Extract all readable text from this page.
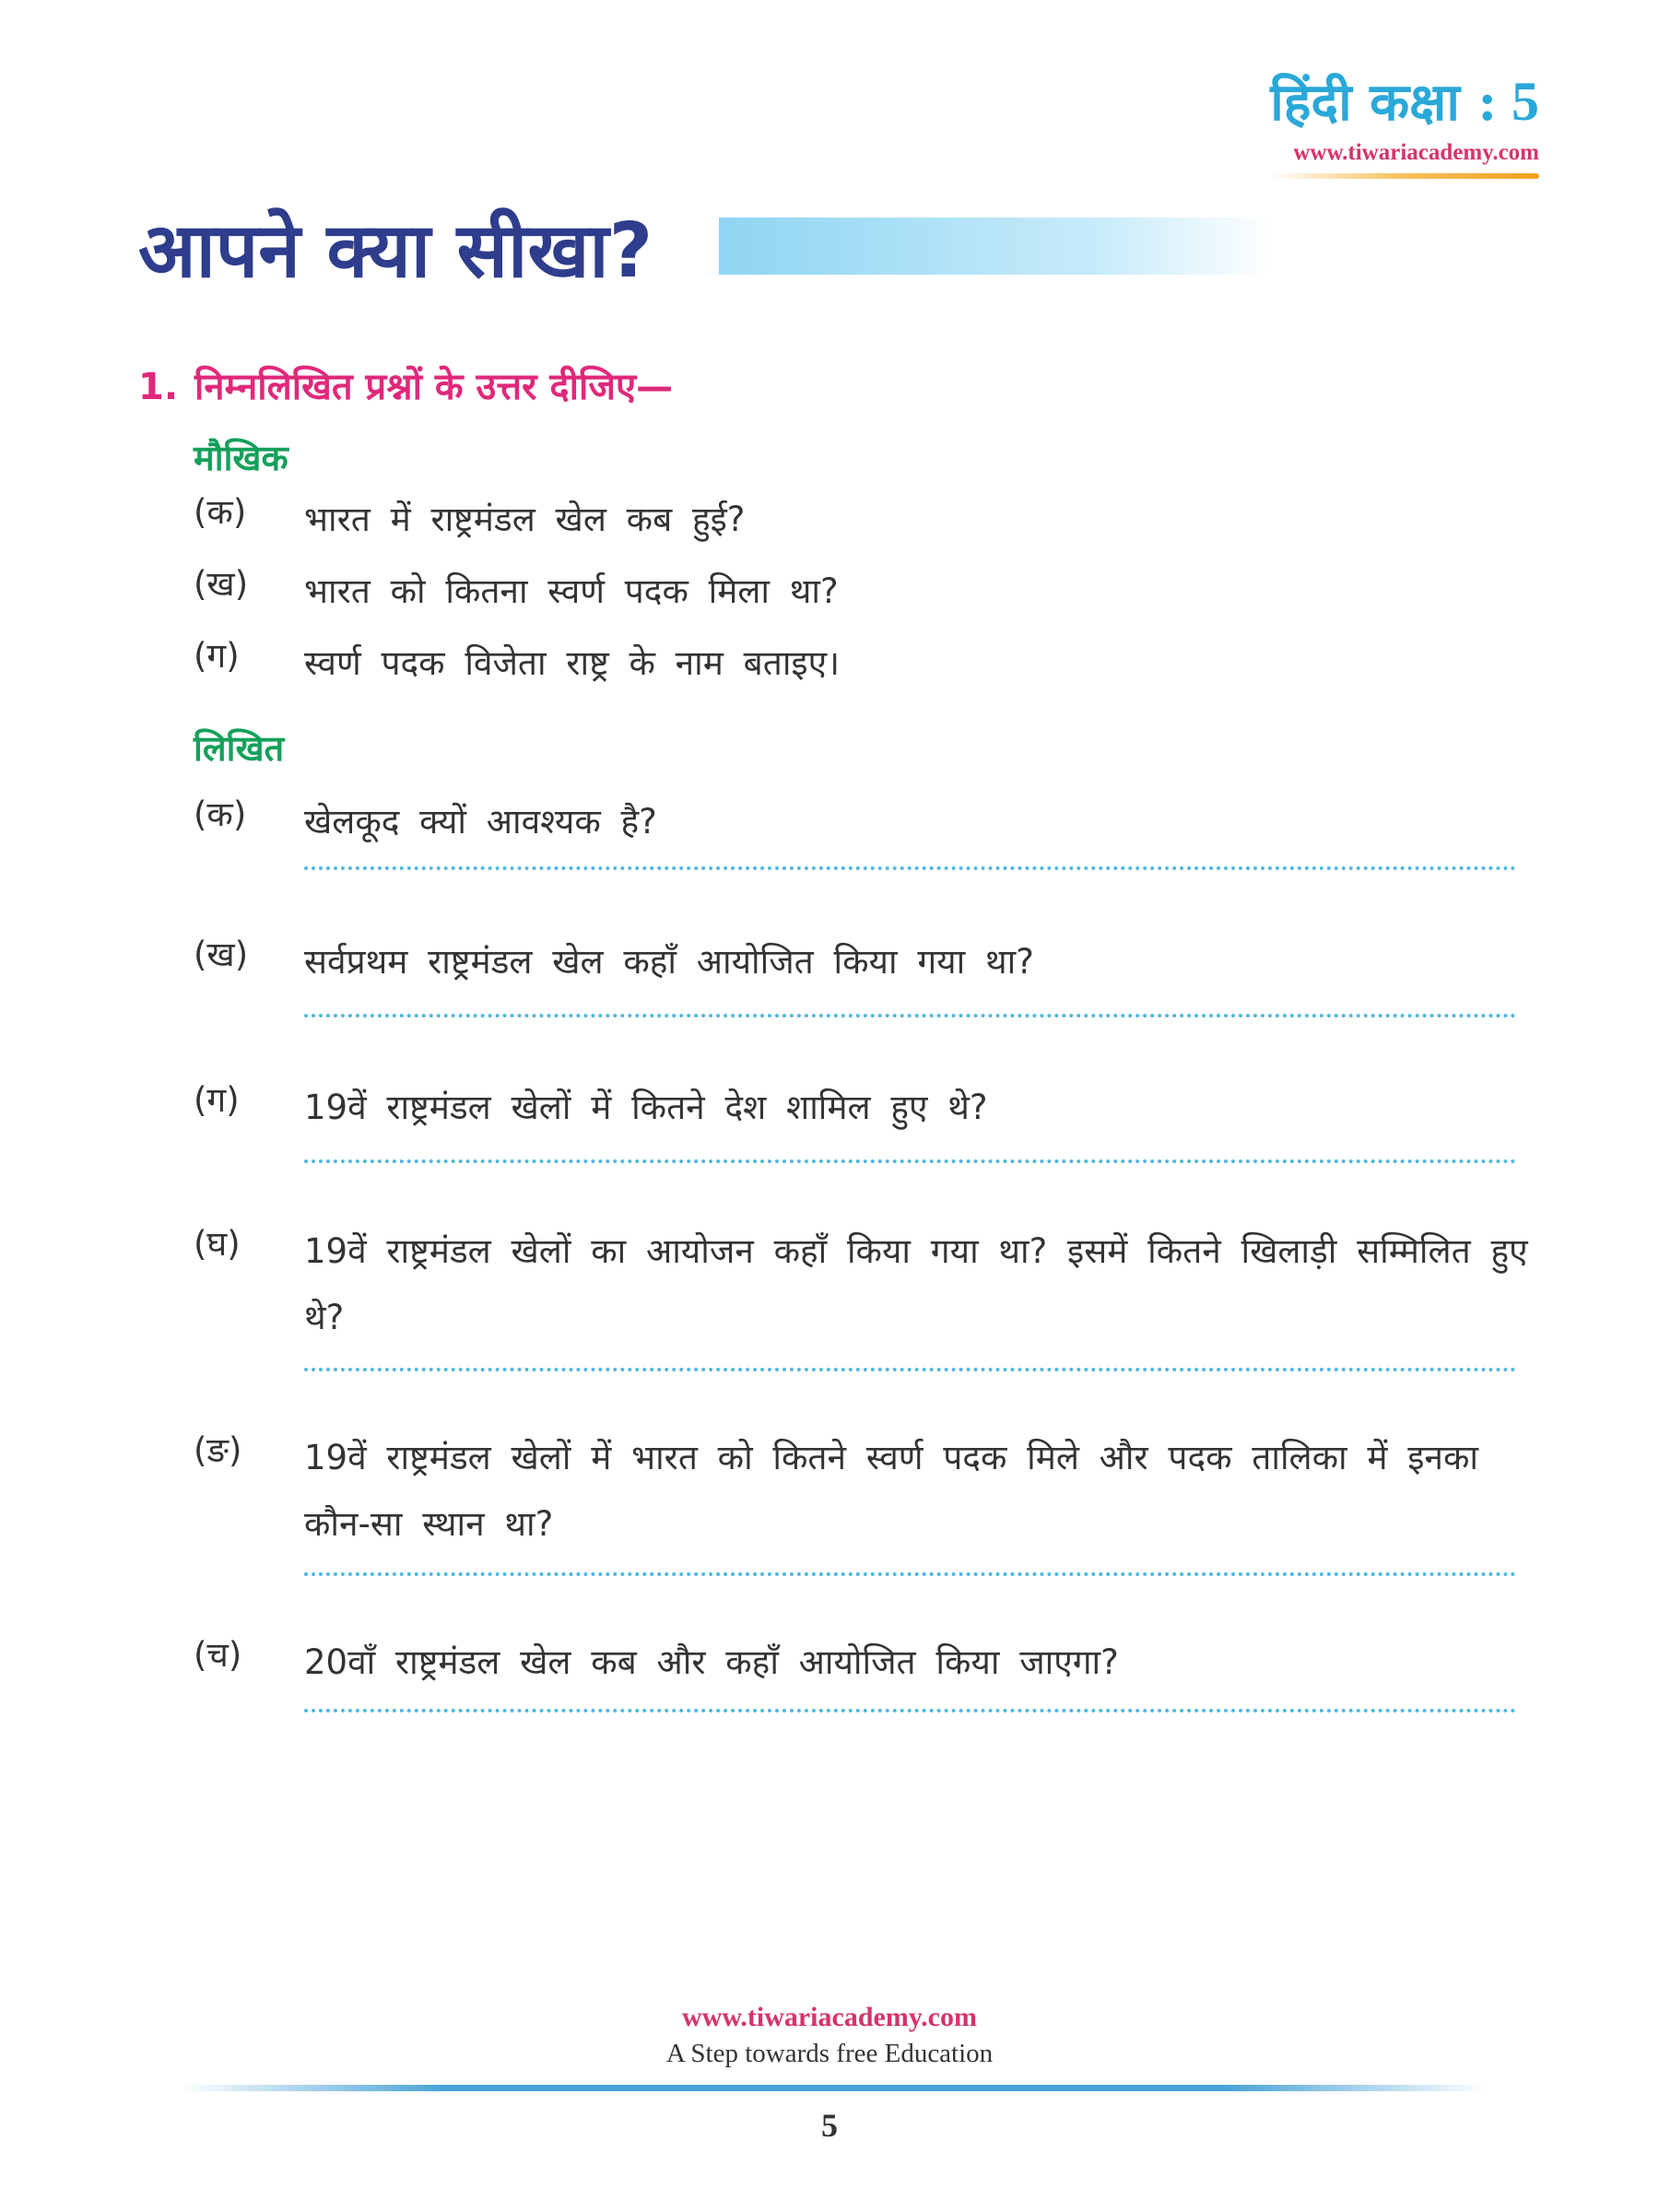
हिंदी कक्षा : 5
www.tiwariacademy.com
आपने क्या सीखा?

1. निम्नलिखित प्रश्नों के उत्तर दीजिए—

मौखिक

(क)	भारत में राष्ट्रमंडल खेल कब हुई?
(ख)	भारत को कितना स्वर्ण पदक मिला था?
(ग)	स्वर्ण पदक विजेता राष्ट्र के नाम बताइए।

लिखित

(क)	खेलकूद क्यों आवश्यक है?
(ख)	सर्वप्रथम राष्ट्रमंडल खेल कहाँ आयोजित किया गया था?
(ग)	19वें राष्ट्रमंडल खेलों में कितने देश शामिल हुए थे?
(घ)	19वें राष्ट्रमंडल खेलों का आयोजन कहाँ किया गया था? इसमें कितने खिलाड़ी सम्मिलित हुए थे?
(ङ)	19वें राष्ट्रमंडल खेलों में भारत को कितने स्वर्ण पदक मिले और पदक तालिका में इनका कौन-सा स्थान था?
(च)	20वाँ राष्ट्रमंडल खेल कब और कहाँ आयोजित किया जाएगा?
www.tiwariacademy.com
A Step towards free Education
5
